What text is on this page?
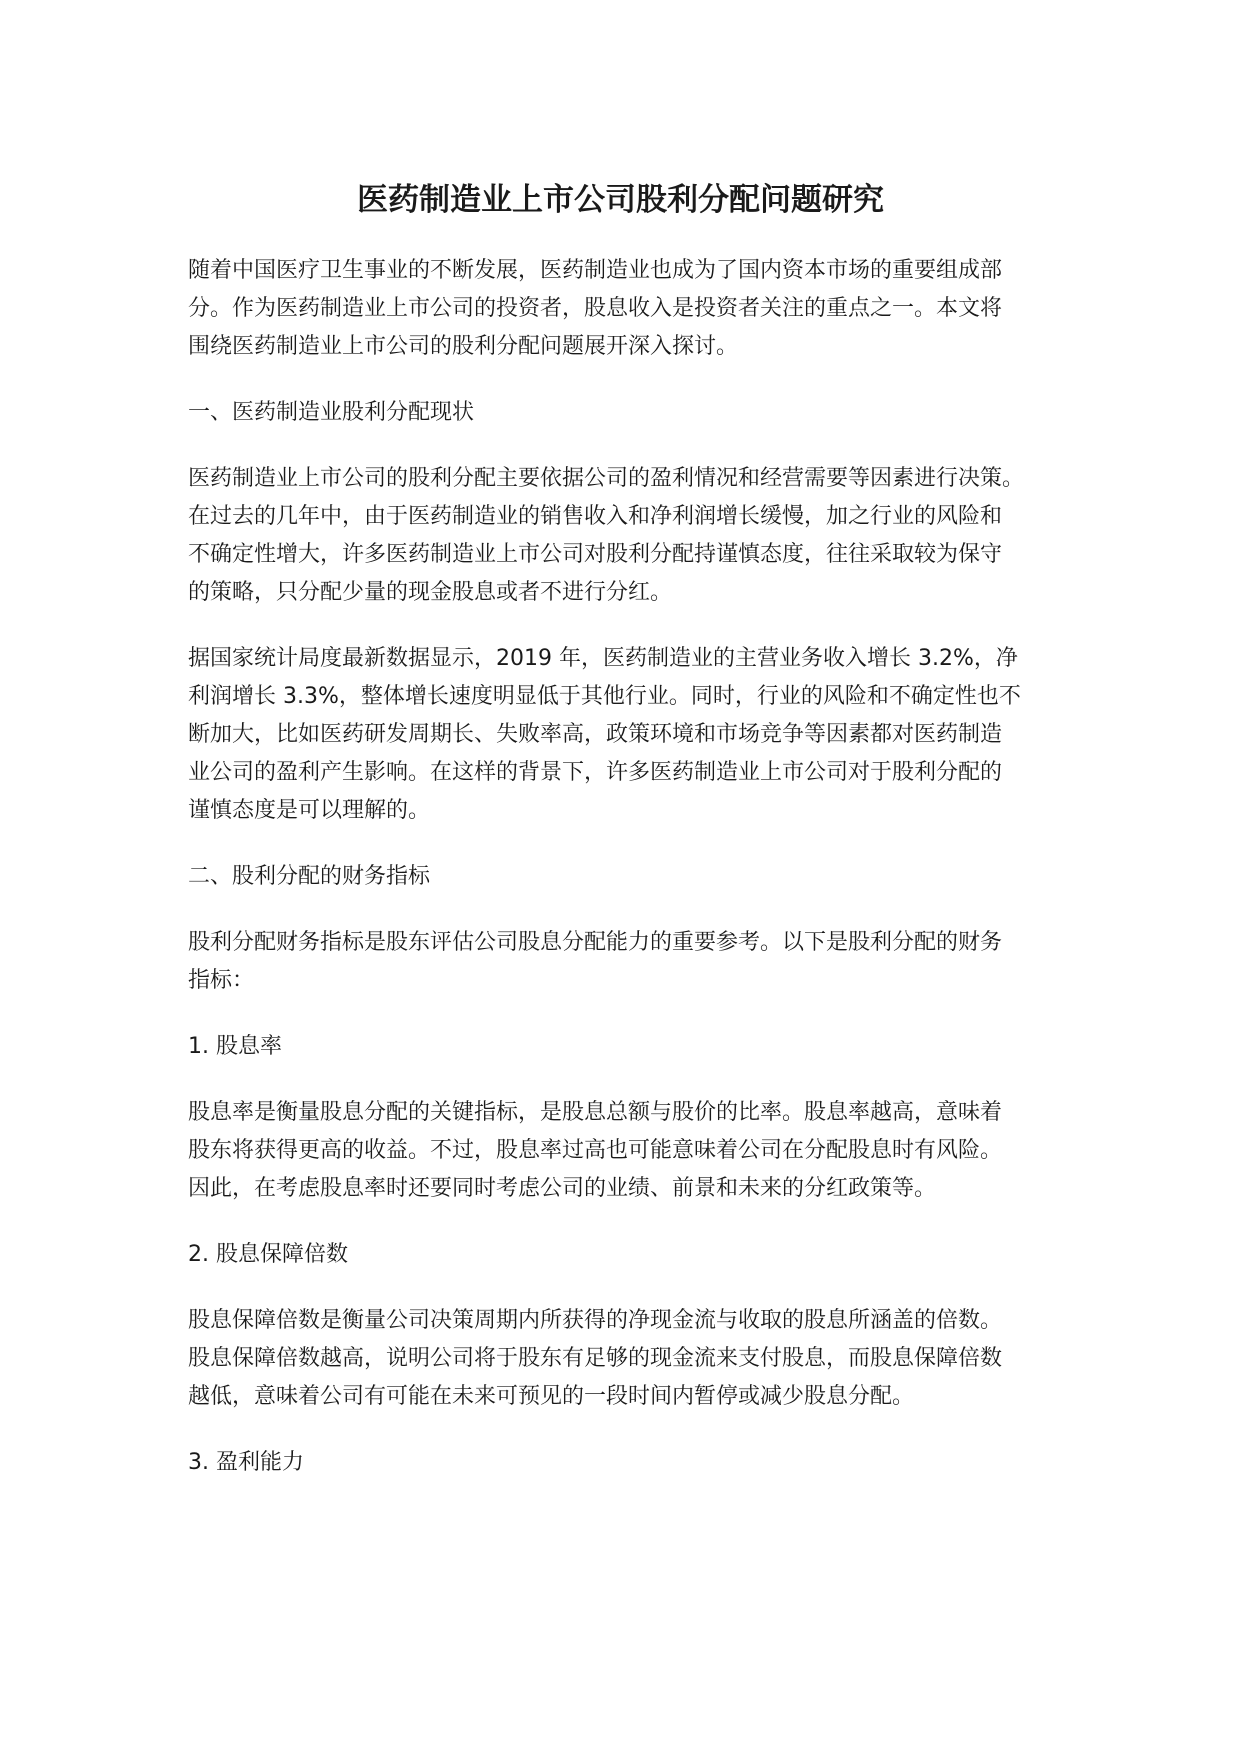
医药制造业上市公司股利分配问题研究

随着中国医疗卫生事业的不断发展，医药制造业也成为了国内资本市场的重要组成部

分。作为医药制造业上市公司的投资者，股息收入是投资者关注的重点之一。本文将

围绕医药制造业上市公司的股利分配问题展开深入探讨。

一、医药制造业股利分配现状

医药制造业上市公司的股利分配主要依据公司的盈利情况和经营需要等因素进行决策。

在过去的几年中，由于医药制造业的销售收入和净利润增长缓慢，加之行业的风险和

不确定性增大，许多医药制造业上市公司对股利分配持谨慎态度，往往采取较为保守

的策略，只分配少量的现金股息或者不进行分红。

据国家统计局度最新数据显示，2019 年，医药制造业的主营业务收入增长 3.2%，净

利润增长 3.3%，整体增长速度明显低于其他行业。同时，行业的风险和不确定性也不

断加大，比如医药研发周期长、失败率高，政策环境和市场竞争等因素都对医药制造

业公司的盈利产生影响。在这样的背景下，许多医药制造业上市公司对于股利分配的

谨慎态度是可以理解的。

二、股利分配的财务指标

股利分配财务指标是股东评估公司股息分配能力的重要参考。以下是股利分配的财务

指标：

1. 股息率

股息率是衡量股息分配的关键指标，是股息总额与股价的比率。股息率越高，意味着

股东将获得更高的收益。不过，股息率过高也可能意味着公司在分配股息时有风险。

因此，在考虑股息率时还要同时考虑公司的业绩、前景和未来的分红政策等。

2. 股息保障倍数

股息保障倍数是衡量公司决策周期内所获得的净现金流与收取的股息所涵盖的倍数。

股息保障倍数越高，说明公司将于股东有足够的现金流来支付股息，而股息保障倍数

越低，意味着公司有可能在未来可预见的一段时间内暂停或减少股息分配。

3. 盈利能力
